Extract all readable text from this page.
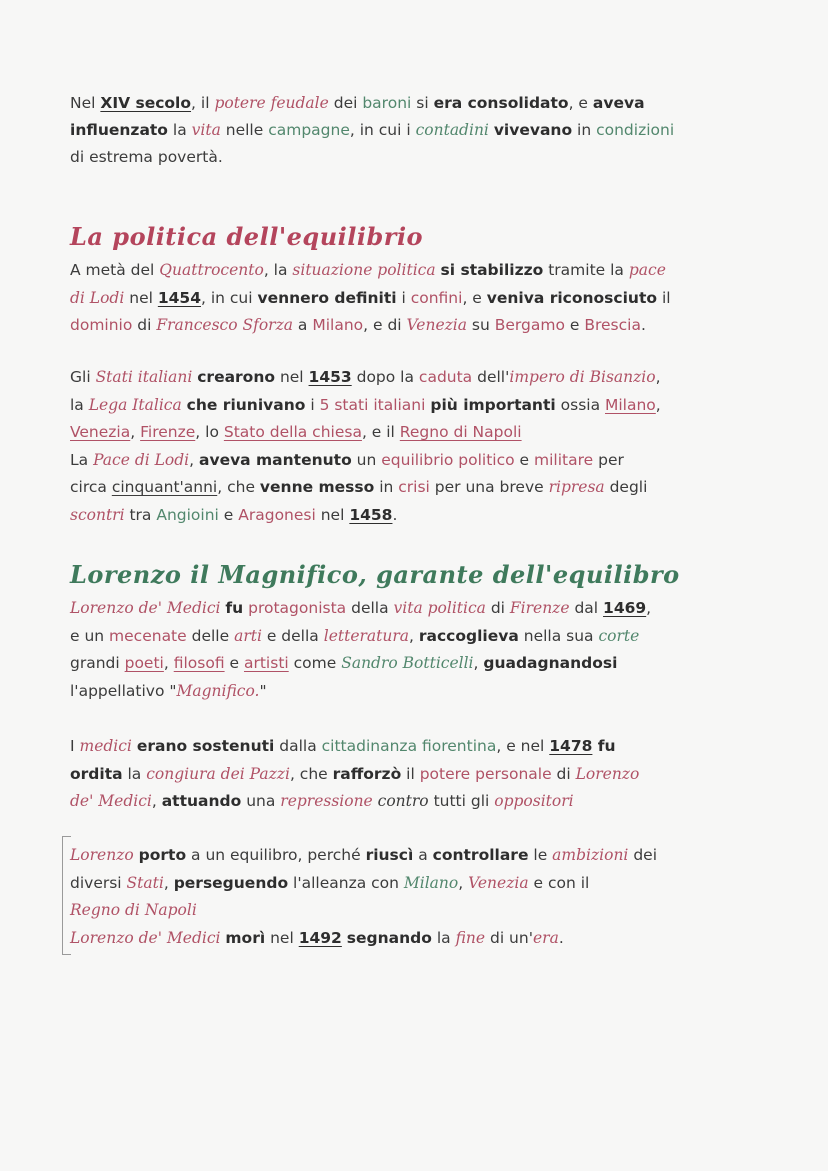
Nel XIV secolo, il potere feudale dei baroni si era consolidato, e aveva
influenzato la vita nelle campagne, in cui i contadini vivevano in condizioni
di estrema povertà.

La politica dell'equilibrio

A metà del Quattrocento, la situazione politica si stabilizzo tramite la pace
di Lodi nel 1454, in cui vennero definiti i confini, e veniva riconosciuto il
dominio di Francesco Sforza a Milano, e di Venezia su Bergamo e Brescia.

Gli Stati italiani crearono nel 1453 dopo la caduta dell'impero di Bisanzio,
la Lega Italica che riunivano i 5 stati italiani più importanti ossia Milano,
Venezia, Firenze, lo Stato della chiesa, e il Regno di Napoli
La Pace di Lodi, aveva mantenuto un equilibrio politico e militare per
circa cinquant'anni, che venne messo in crisi per una breve ripresa degli
scontri tra Angioini e Aragonesi nel 1458.

Lorenzo il Magnifico, garante dell'equilibro

Lorenzo de' Medici fu protagonista della vita politica di Firenze dal 1469,
e un mecenate delle arti e della letteratura, raccoglieva nella sua corte
grandi poeti, filosofi e artisti come Sandro Botticelli, guadagnandosi
l'appellativo "Magnifico."

I medici erano sostenuti dalla cittadinanza fiorentina, e nel 1478 fu
ordita la congiura dei Pazzi, che rafforzò il potere personale di Lorenzo
de' Medici, attuando una repressione contro tutti gli oppositori

Lorenzo porto a un equilibro, perché riuscì a controllare le ambizioni dei
diversi Stati, perseguendo l'alleanza con Milano, Venezia e con il
Regno di Napoli
Lorenzo de' Medici morì nel 1492 segnando la fine di un'era.
